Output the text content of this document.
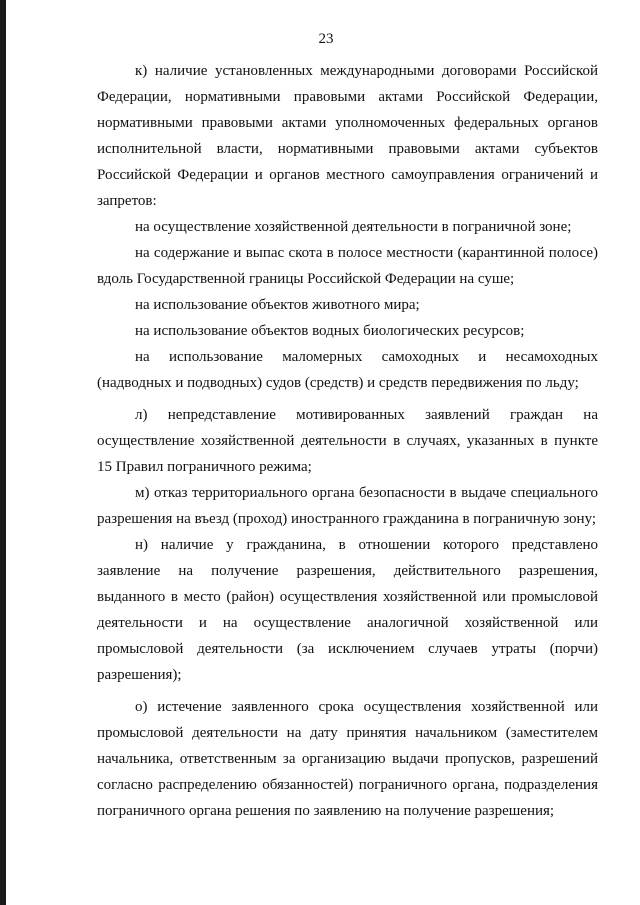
23

к) наличие установленных международными договорами Российской Федерации, нормативными правовыми актами Российской Федерации, нормативными правовыми актами уполномоченных федеральных органов исполнительной власти, нормативными правовыми актами субъектов Российской Федерации и органов местного самоуправления ограничений и запретов:

на осуществление хозяйственной деятельности в пограничной зоне;

на содержание и выпас скота в полосе местности (карантинной полосе) вдоль Государственной границы Российской Федерации на суше;

на использование объектов животного мира;

на использование объектов водных биологических ресурсов;

на использование маломерных самоходных и несамоходных (надводных и подводных) судов (средств) и средств передвижения по льду;

л) непредставление мотивированных заявлений граждан на осуществление хозяйственной деятельности в случаях, указанных в пункте 15 Правил пограничного режима;

м) отказ территориального органа безопасности в выдаче специального разрешения на въезд (проход) иностранного гражданина в пограничную зону;

н) наличие у гражданина, в отношении которого представлено заявление на получение разрешения, действительного разрешения, выданного в место (район) осуществления хозяйственной или промысловой деятельности и на осуществление аналогичной хозяйственной или промысловой деятельности (за исключением случаев утраты (порчи) разрешения);

о) истечение заявленного срока осуществления хозяйственной или промысловой деятельности на дату принятия начальником (заместителем начальника, ответственным за организацию выдачи пропусков, разрешений согласно распределению обязанностей) пограничного органа, подразделения пограничного органа решения по заявлению на получение разрешения;
